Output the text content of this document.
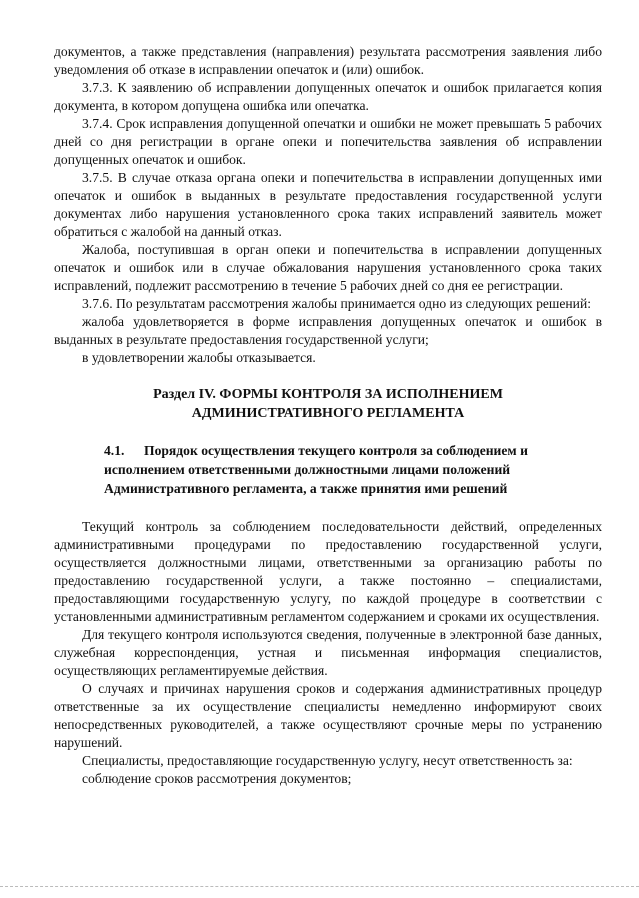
документов, а также представления (направления) результата рассмотрения заявления либо уведомления об отказе в исправлении опечаток и (или) ошибок.

3.7.3. К заявлению об исправлении допущенных опечаток и ошибок прилагается копия документа, в котором допущена ошибка или опечатка.

3.7.4. Срок исправления допущенной опечатки и ошибки не может превышать 5 рабочих дней со дня регистрации в органе опеки и попечительства заявления об исправлении допущенных опечаток и ошибок.

3.7.5. В случае отказа органа опеки и попечительства в исправлении допущенных ими опечаток и ошибок в выданных в результате предоставления государственной услуги документах либо нарушения установленного срока таких исправлений заявитель может обратиться с жалобой на данный отказ.

Жалоба, поступившая в орган опеки и попечительства в исправлении допущенных опечаток и ошибок или в случае обжалования нарушения установленного срока таких исправлений, подлежит рассмотрению в течение 5 рабочих дней со дня ее регистрации.

3.7.6. По результатам рассмотрения жалобы принимается одно из следующих решений:

жалоба удовлетворяется в форме исправления допущенных опечаток и ошибок в выданных в результате предоставления государственной услуги;

в удовлетворении жалобы отказывается.

Раздел IV. ФОРМЫ КОНТРОЛЯ ЗА ИСПОЛНЕНИЕМ
АДМИНИСТРАТИВНОГО РЕГЛАМЕНТА
4.1. Порядок осуществления текущего контроля за соблюдением и
исполнением ответственными должностными лицами положений
Административного регламента, а также принятия ими решений

Текущий контроль за соблюдением последовательности действий, определенных административными процедурами по предоставлению государственной услуги, осуществляется должностными лицами, ответственными за организацию работы по предоставлению государственной услуги, а также постоянно – специалистами, предоставляющими государственную услугу, по каждой процедуре в соответствии с установленными административным регламентом содержанием и сроками их осуществления.

Для текущего контроля используются сведения, полученные в электронной базе данных, служебная корреспонденция, устная и письменная информация специалистов, осуществляющих регламентируемые действия.

О случаях и причинах нарушения сроков и содержания административных процедур ответственные за их осуществление специалисты немедленно информируют своих непосредственных руководителей, а также осуществляют срочные меры по устранению нарушений.

Специалисты, предоставляющие государственную услугу, несут ответственность за:

соблюдение сроков рассмотрения документов;
